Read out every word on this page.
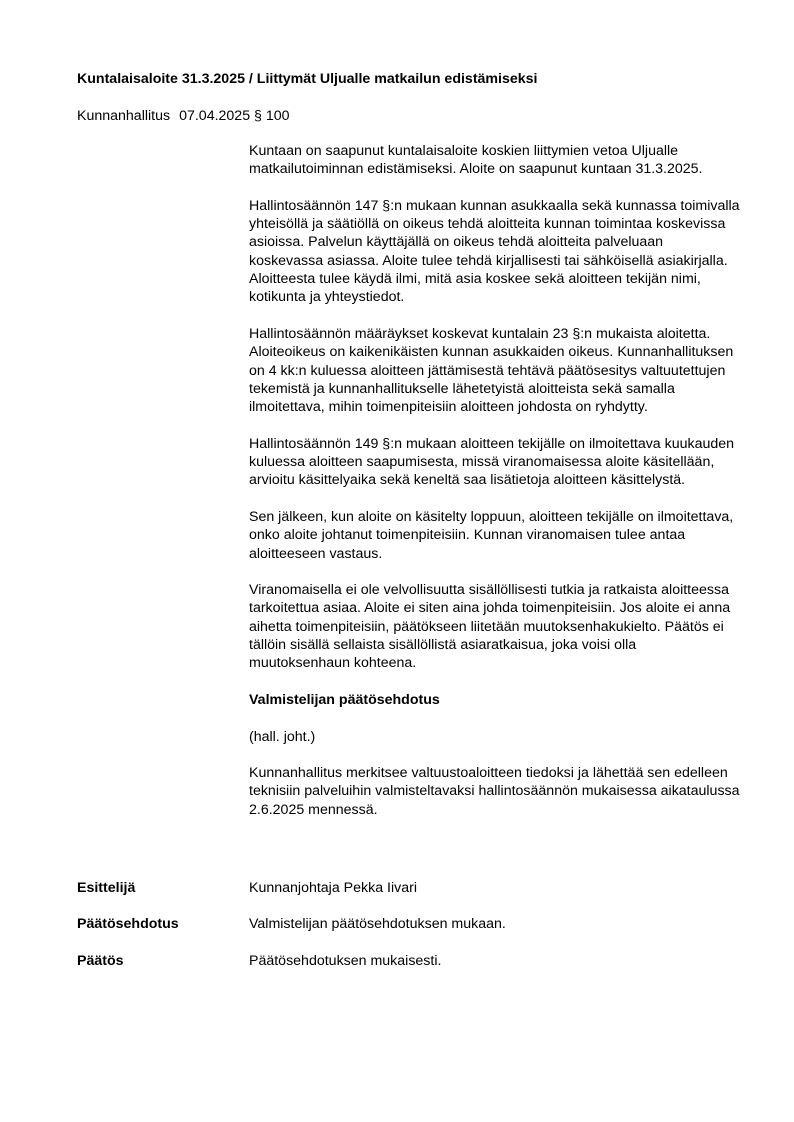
Kuntalaisaloite 31.3.2025 / Liittymät Uljualle matkailun edistämiseksi
Kunnanhallitus 07.04.2025 § 100

Kuntaan on saapunut kuntalaisaloite koskien liittymien vetoa Uljualle matkailutoiminnan edistämiseksi. Aloite on saapunut kuntaan 31.3.2025.

Hallintosäännön 147 §:n mukaan kunnan asukkaalla sekä kunnassa toimivalla yhteisöllä ja säätiöllä on oikeus tehdä aloitteita kunnan toimintaa koskevissa asioissa. Palvelun käyttäjällä on oikeus tehdä aloitteita palveluaan koskevassa asiassa. Aloite tulee tehdä kirjallisesti tai sähköisellä asiakirjalla. Aloitteesta tulee käydä ilmi, mitä asia koskee sekä aloitteen tekijän nimi, kotikunta ja yhteystiedot.

Hallintosäännön määräykset koskevat kuntalain 23 §:n mukaista aloitetta. Aloiteoikeus on kaikenikäisten kunnan asukkaiden oikeus. Kunnanhallituksen on 4 kk:n kuluessa aloitteen jättämisestä tehtävä päätösesitys valtuutettujen tekemistä ja kunnanhallitukselle lähetetyistä aloitteista sekä samalla ilmoitettava, mihin toimenpiteisiin aloitteen johdosta on ryhdytty.

Hallintosäännön 149 §:n mukaan aloitteen tekijälle on ilmoitettava kuukauden kuluessa aloitteen saapumisesta, missä viranomaisessa aloite käsitellään, arvioitu käsittelyaika sekä keneltä saa lisätietoja aloitteen käsittelystä.

Sen jälkeen, kun aloite on käsitelty loppuun, aloitteen tekijälle on ilmoitettava, onko aloite johtanut toimenpiteisiin. Kunnan viranomaisen tulee antaa aloitteeseen vastaus.

Viranomaisella ei ole velvollisuutta sisällöllisesti tutkia ja ratkaista aloitteessa tarkoitettua asiaa. Aloite ei siten aina johda toimenpiteisiin. Jos aloite ei anna aihetta toimenpiteisiin, päätökseen liitetään muutoksenhakukielto. Päätös ei tällöin sisällä sellaista sisällöllistä asiaratkaisua, joka voisi olla muutoksenhaun kohteena.

Valmistelijan päätösehdotus

(hall. joht.)

Kunnanhallitus merkitsee valtuustoaloitteen tiedoksi ja lähettää sen edelleen teknisiin palveluihin valmisteltavaksi hallintosäännön mukaisessa aikataulussa 2.6.2025 mennessä.

Esittelijä	Kunnanjohtaja Pekka Iivari
Päätösehdotus	Valmistelijan päätösehdotuksen mukaan.
Päätös	Päätösehdotuksen mukaisesti.
